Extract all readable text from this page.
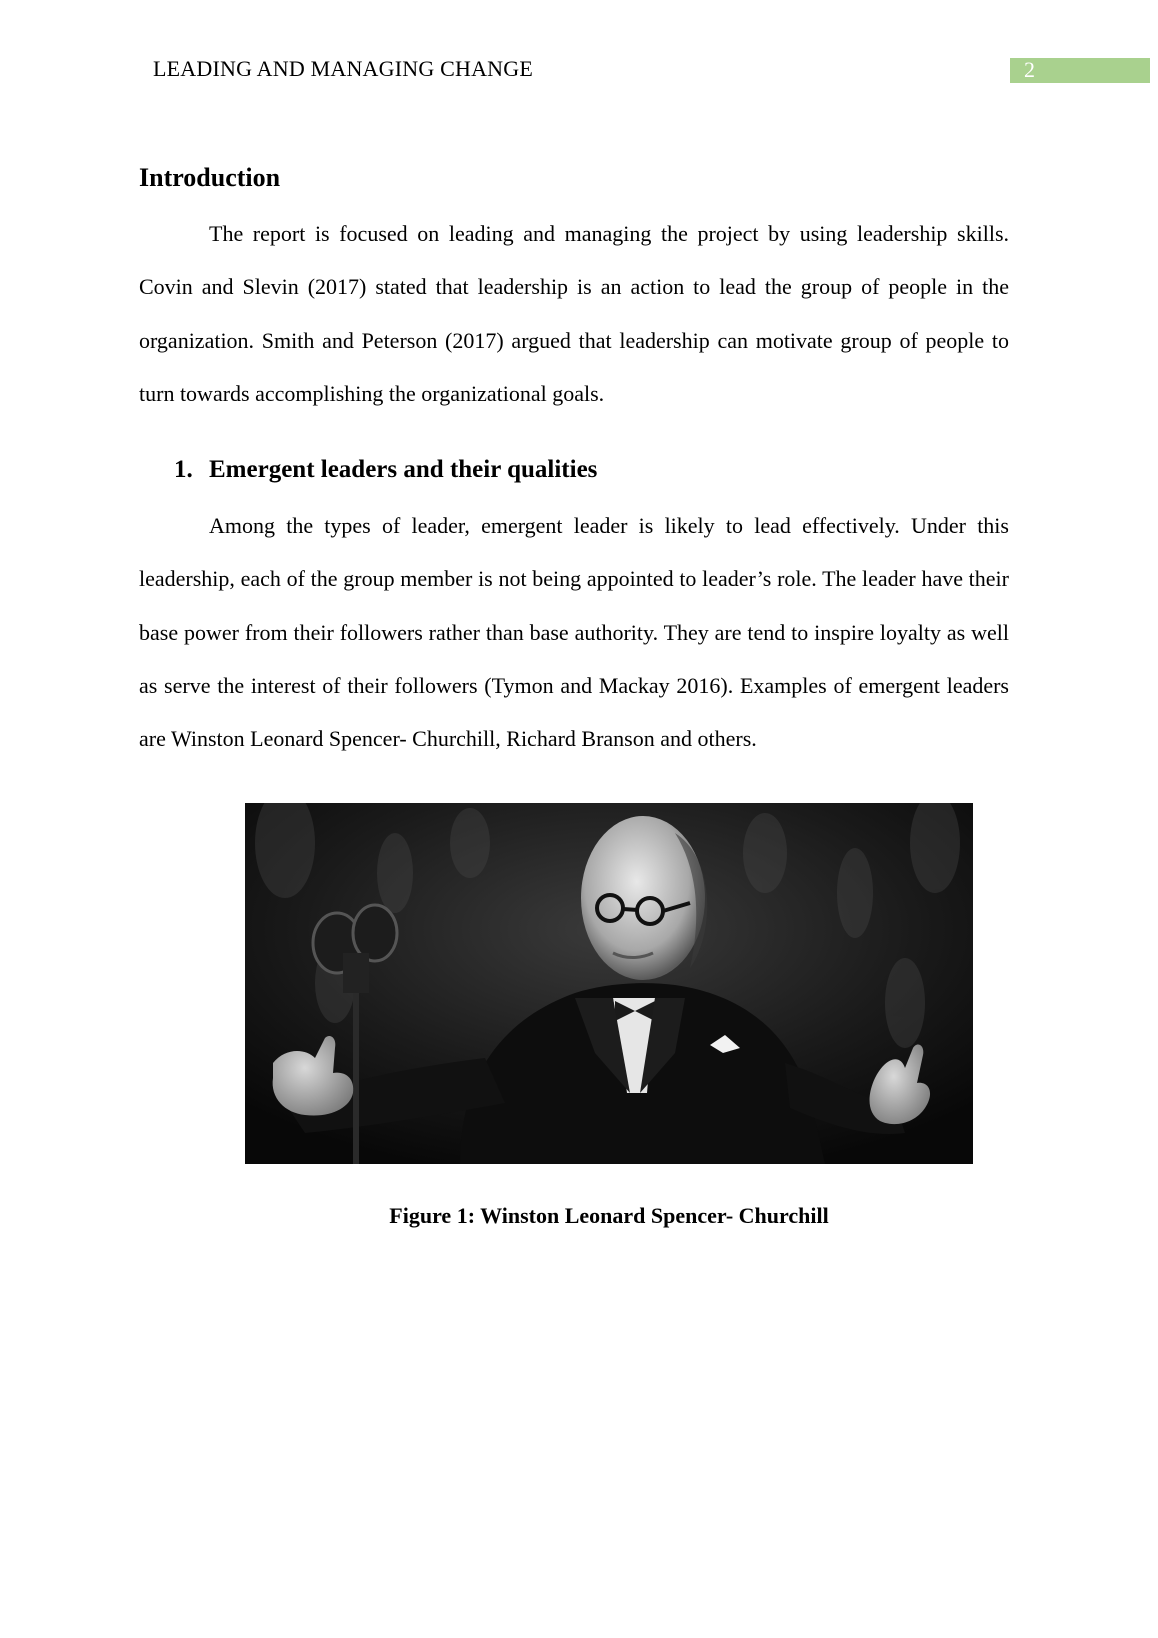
LEADING AND MANAGING CHANGE	2
Introduction

The report is focused on leading and managing the project by using leadership skills. Covin and Slevin (2017) stated that leadership is an action to lead the group of people in the organization. Smith and Peterson (2017) argued that leadership can motivate group of people to turn towards accomplishing the organizational goals.

1. Emergent leaders and their qualities

Among the types of leader, emergent leader is likely to lead effectively. Under this leadership, each of the group member is not being appointed to leader’s role. The leader have their base power from their followers rather than base authority. They are tend to inspire loyalty as well as serve the interest of their followers (Tymon and Mackay 2016). Examples of emergent leaders are Winston Leonard Spencer- Churchill, Richard Branson and others.

Figure 1: Winston Leonard Spencer- Churchill
